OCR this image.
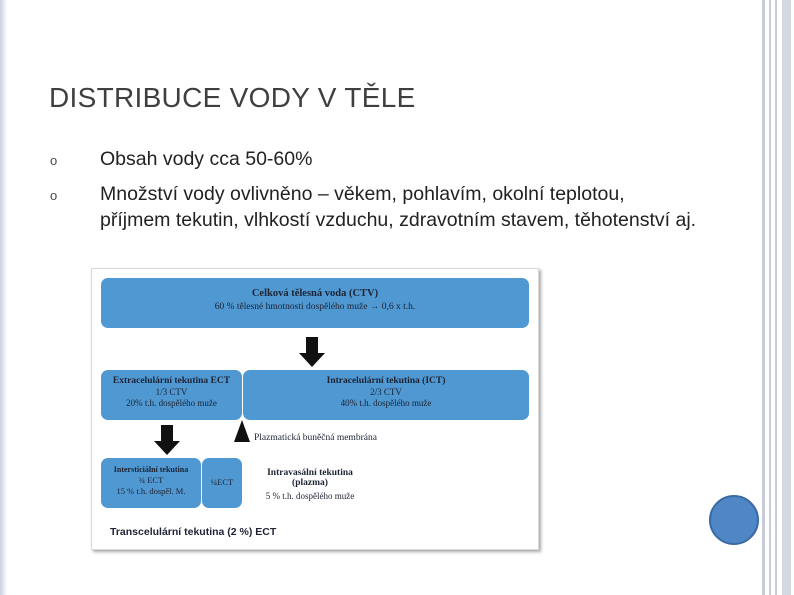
DISTRIBUCE VODY V TĚLE
o Obsah vody cca 50-60%
o Množství vody ovlivněno – věkem, pohlavím, okolní teplotou, příjmem tekutin, vlhkostí vzduchu, zdravotním stavem, těhotenství aj.
Celková tělesná voda (CTV)
60 % tělesné hmotnosti dospělého muže → 0,6 x t.h.
Extracelulární tekutina ECT
1/3 CTV
20% t.h. dospělého muže
Intracelulární tekutina (ICT)
2/3 CTV
40% t.h. dospělého muže
Plazmatická buněčná membrána
Intersticiální tekutina
¾ ECT
15 % t.h. dospěl. M.
¼ECT
Intravasální tekutina (plazma)
5 % t.h. dospělého muže
Transcelulární tekutina (2 %) ECT
